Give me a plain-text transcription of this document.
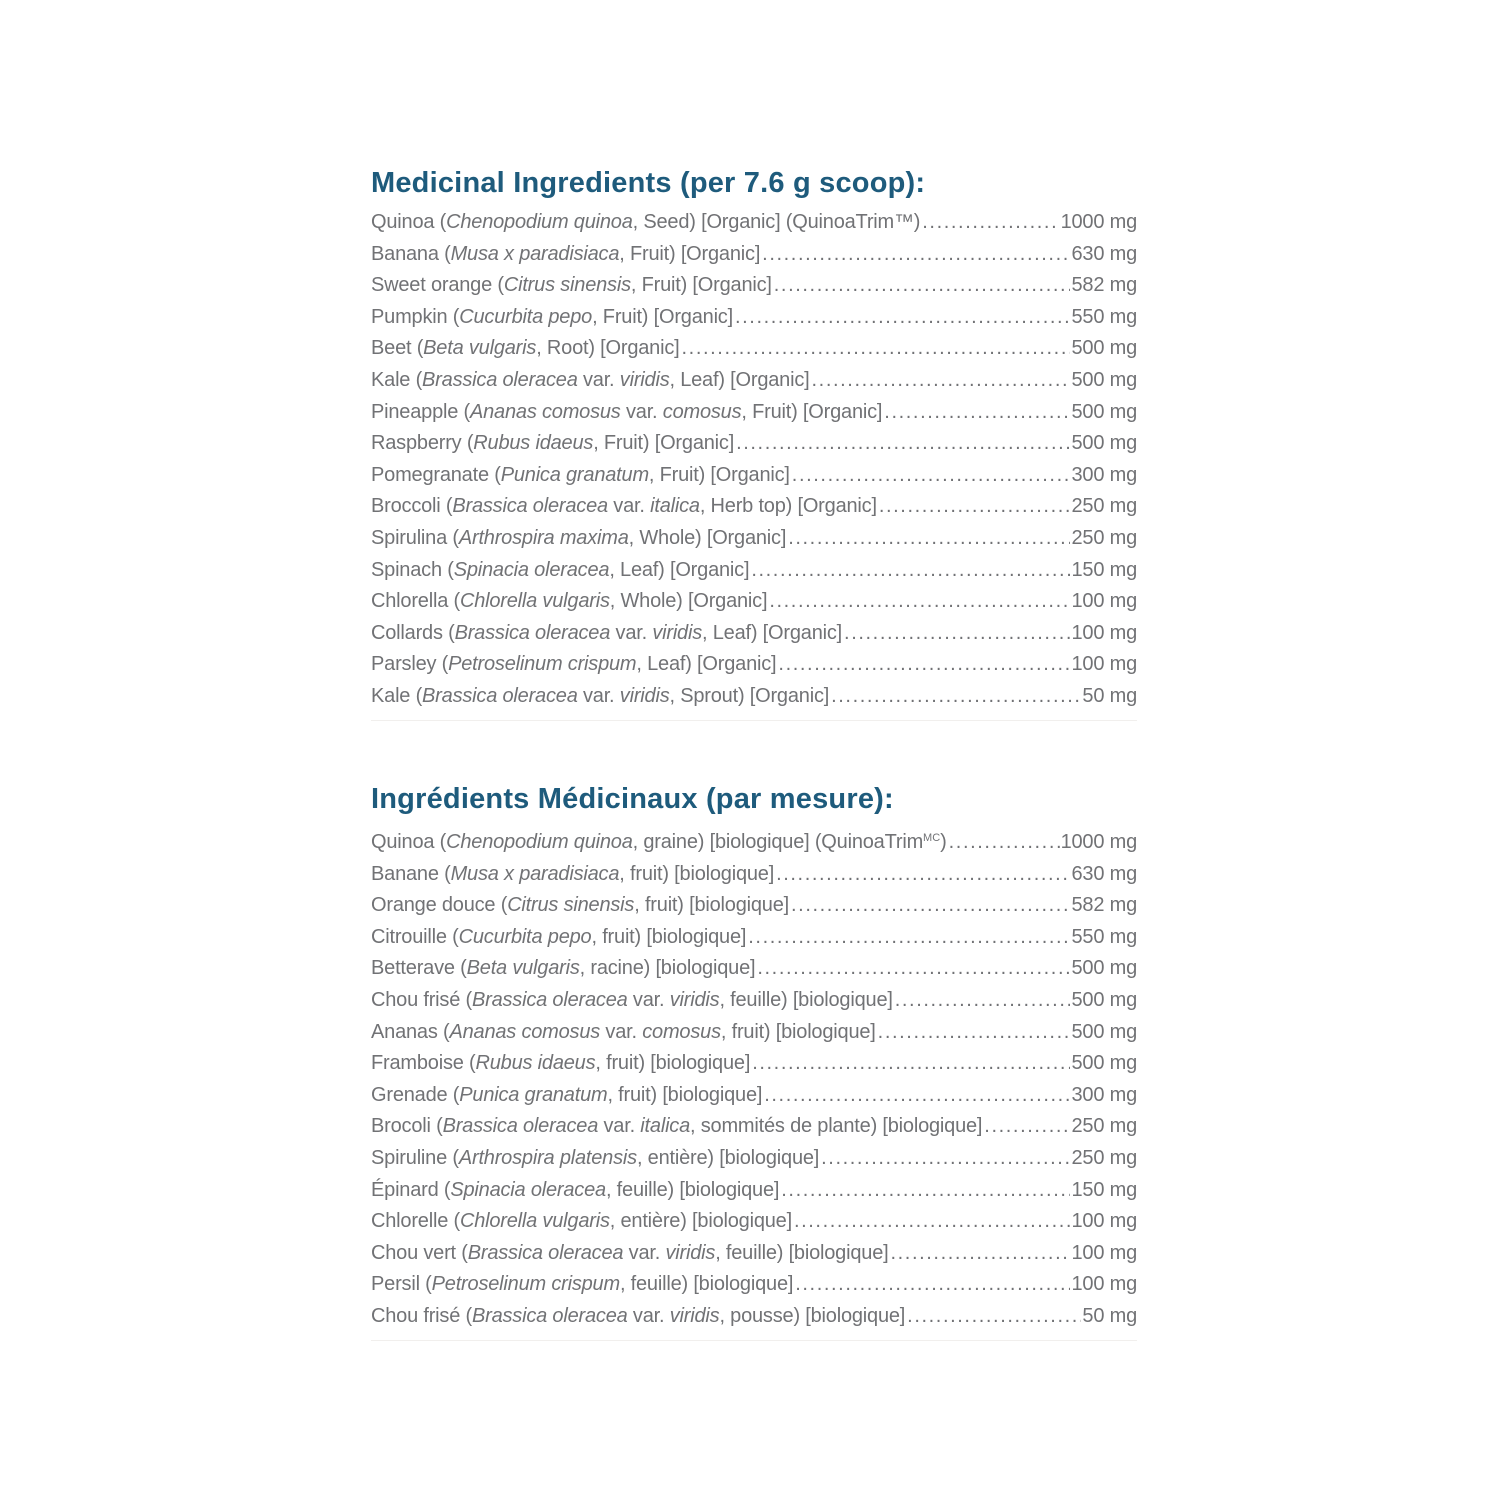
Medicinal Ingredients (per 7.6 g scoop):
Quinoa (Chenopodium quinoa, Seed) [Organic] (QuinoaTrim™) .....	1000 mg
Banana (Musa x paradisiaca, Fruit) [Organic] .....	630 mg
Sweet orange (Citrus sinensis, Fruit) [Organic] .....	582 mg
Pumpkin (Cucurbita pepo, Fruit) [Organic] .....	550 mg
Beet (Beta vulgaris, Root) [Organic] .....	500 mg
Kale (Brassica oleracea var. viridis, Leaf) [Organic] .....	500 mg
Pineapple (Ananas comosus var. comosus, Fruit) [Organic] .....	500 mg
Raspberry (Rubus idaeus, Fruit) [Organic] .....	500 mg
Pomegranate (Punica granatum, Fruit) [Organic] .....	300 mg
Broccoli (Brassica oleracea var. italica, Herb top) [Organic] .....	250 mg
Spirulina (Arthrospira maxima, Whole) [Organic] .....	250 mg
Spinach (Spinacia oleracea, Leaf) [Organic] .....	150 mg
Chlorella (Chlorella vulgaris, Whole) [Organic] .....	100 mg
Collards (Brassica oleracea var. viridis, Leaf) [Organic] .....	100 mg
Parsley (Petroselinum crispum, Leaf) [Organic] .....	100 mg
Kale (Brassica oleracea var. viridis, Sprout) [Organic] .....	50 mg
Ingrédients Médicinaux (par mesure):
Quinoa (Chenopodium quinoa, graine) [biologique] (QuinoaTrim$^{MC}$) .....	1000 mg
Banane (Musa x paradisiaca, fruit) [biologique] .....	630 mg
Orange douce (Citrus sinensis, fruit) [biologique] .....	582 mg
Citrouille (Cucurbita pepo, fruit) [biologique] .....	550 mg
Betterave (Beta vulgaris, racine) [biologique] .....	500 mg
Chou frisé (Brassica oleracea var. viridis, feuille) [biologique] .....	500 mg
Ananas (Ananas comosus var. comosus, fruit) [biologique] .....	500 mg
Framboise (Rubus idaeus, fruit) [biologique] .....	500 mg
Grenade (Punica granatum, fruit) [biologique] .....	300 mg
Brocoli (Brassica oleracea var. italica, sommités de plante) [biologique] .....	250 mg
Spiruline (Arthrospira platensis, entière) [biologique] .....	250 mg
Épinard (Spinacia oleracea, feuille) [biologique] .....	150 mg
Chlorelle (Chlorella vulgaris, entière) [biologique] .....	100 mg
Chou vert (Brassica oleracea var. viridis, feuille) [biologique] .....	100 mg
Persil (Petroselinum crispum, feuille) [biologique] .....	100 mg
Chou frisé (Brassica oleracea var. viridis, pousse) [biologique] .....	50 mg
